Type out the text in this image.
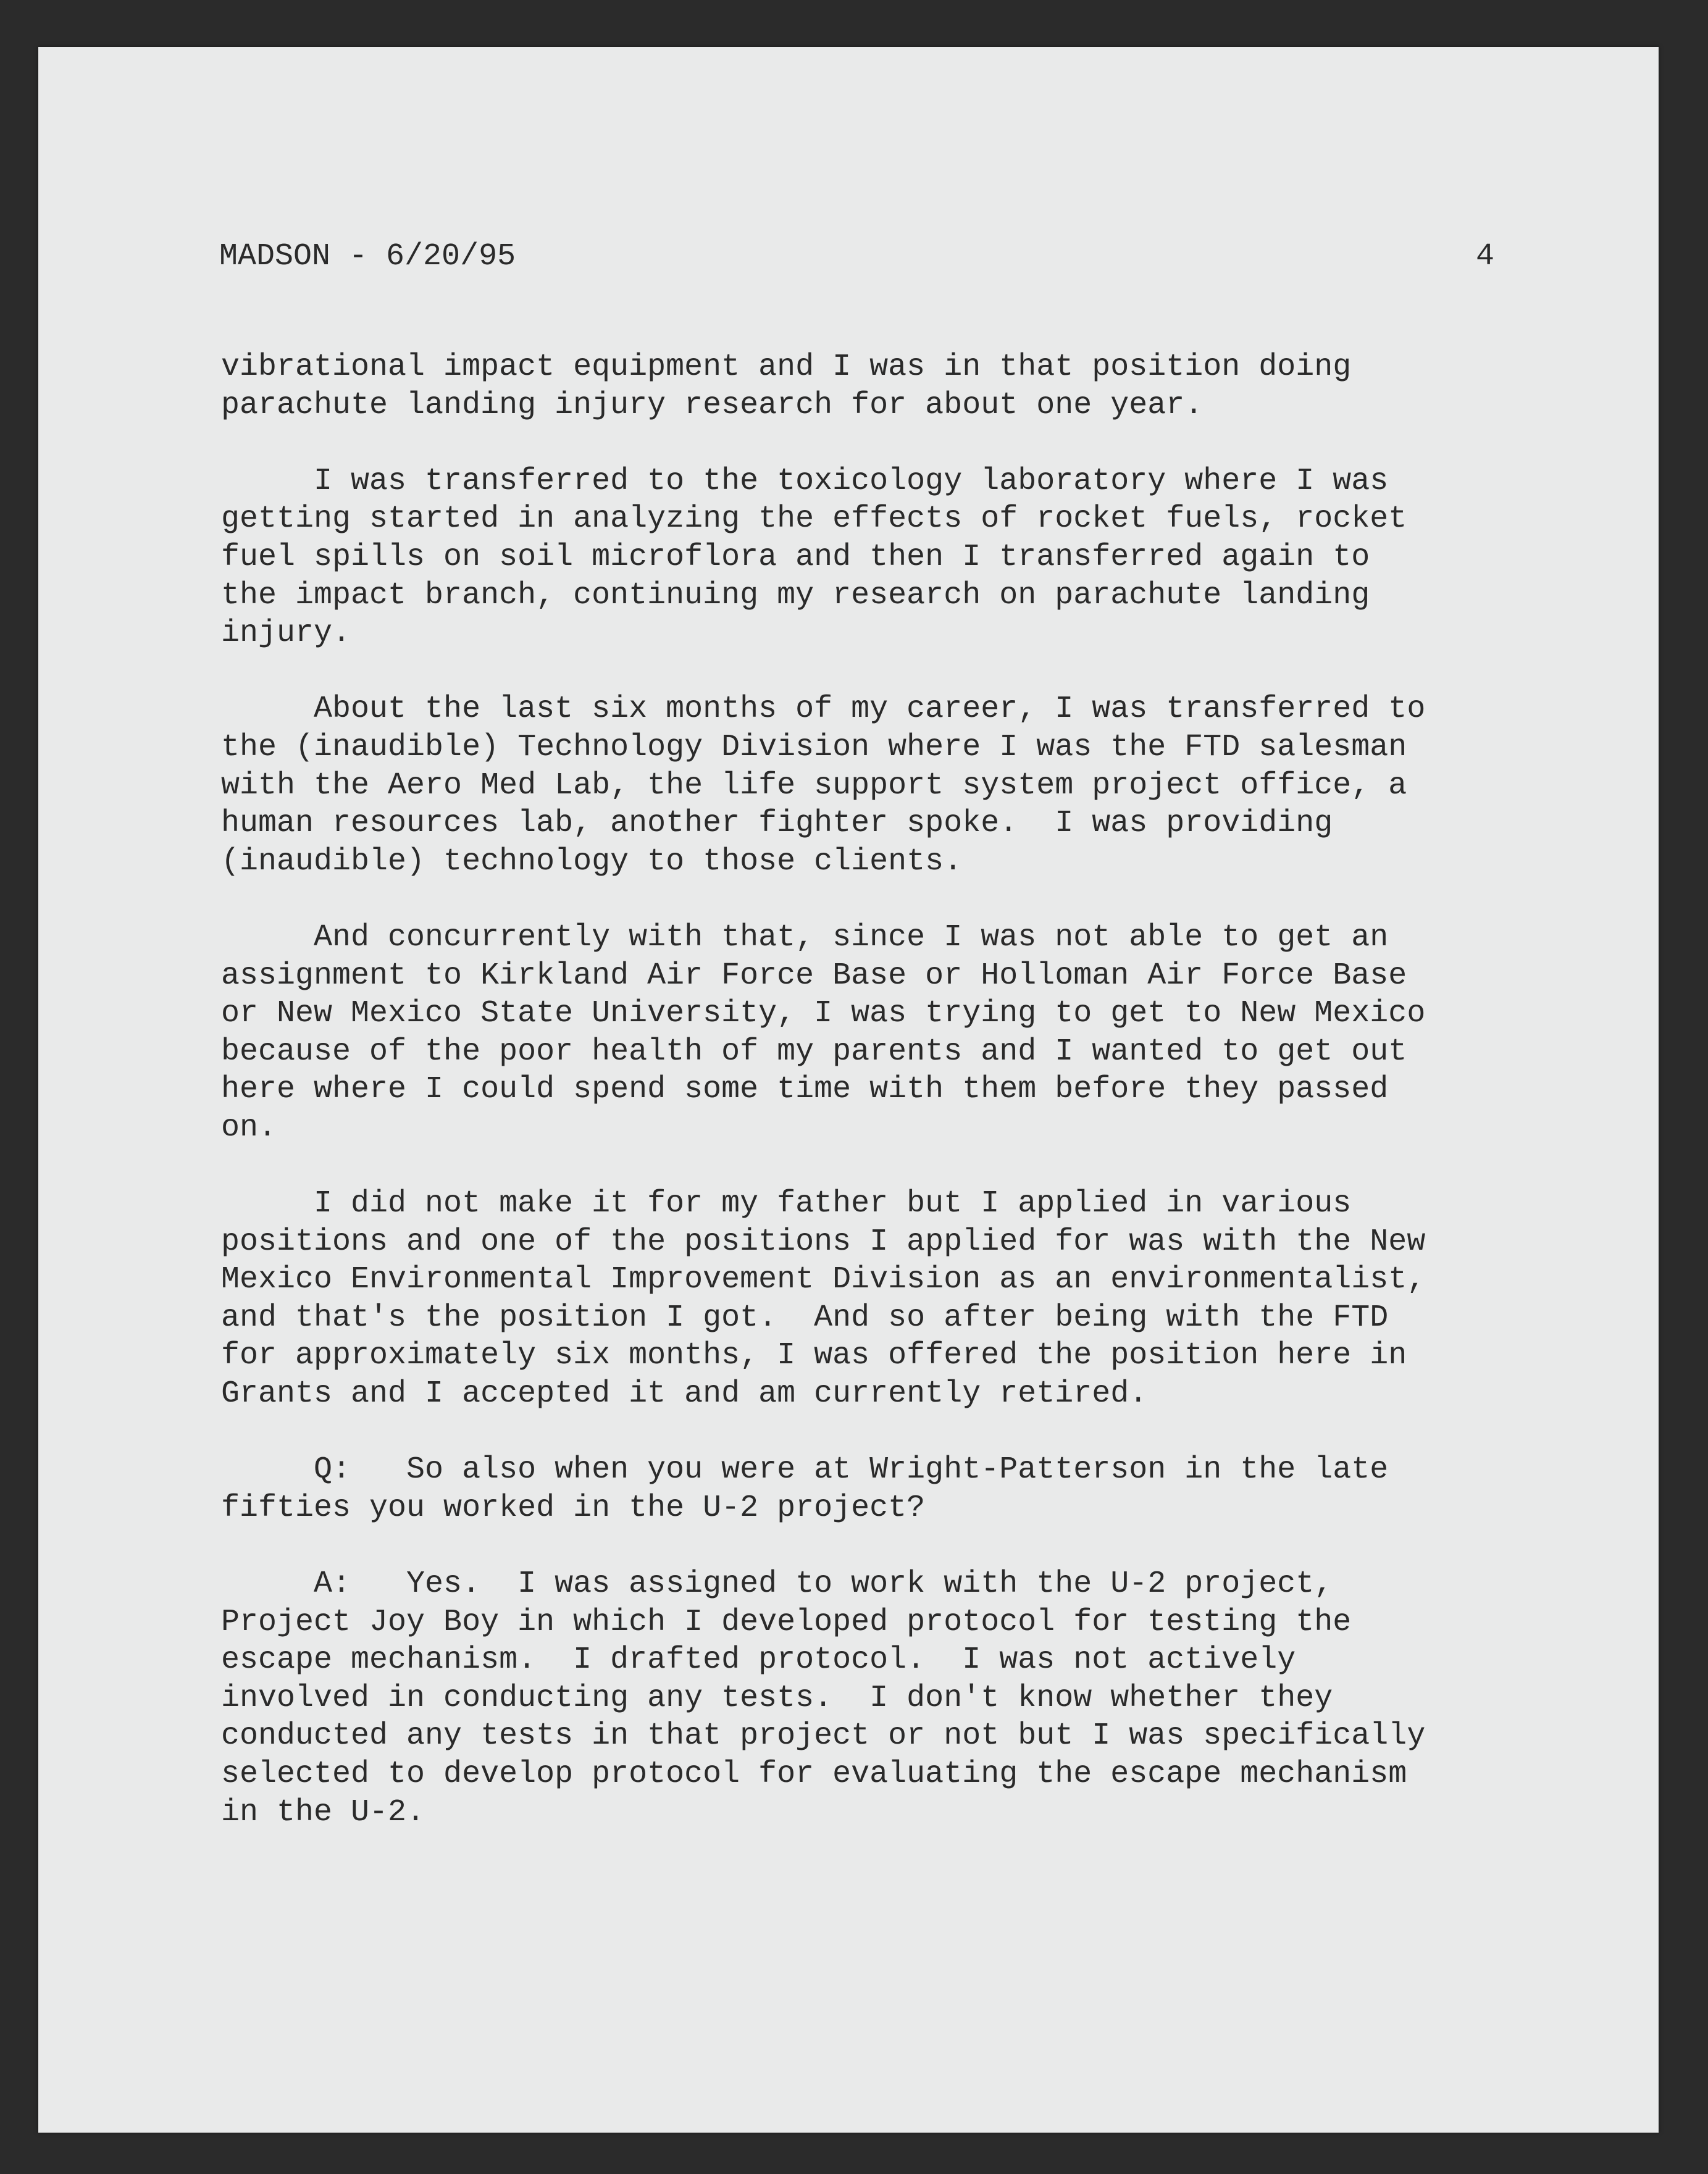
MADSON - 6/20/95	4

vibrational impact equipment and I was in that position doing
parachute landing injury research for about one year.

I was transferred to the toxicology laboratory where I was
getting started in analyzing the effects of rocket fuels, rocket
fuel spills on soil microflora and then I transferred again to
the impact branch, continuing my research on parachute landing
injury.

About the last six months of my career, I was transferred to
the (inaudible) Technology Division where I was the FTD salesman
with the Aero Med Lab, the life support system project office, a
human resources lab, another fighter spoke.  I was providing
(inaudible) technology to those clients.

And concurrently with that, since I was not able to get an
assignment to Kirkland Air Force Base or Holloman Air Force Base
or New Mexico State University, I was trying to get to New Mexico
because of the poor health of my parents and I wanted to get out
here where I could spend some time with them before they passed
on.

I did not make it for my father but I applied in various
positions and one of the positions I applied for was with the New
Mexico Environmental Improvement Division as an environmentalist,
and that's the position I got.  And so after being with the FTD
for approximately six months, I was offered the position here in
Grants and I accepted it and am currently retired.

Q:   So also when you were at Wright-Patterson in the late
fifties you worked in the U-2 project?

A:   Yes.  I was assigned to work with the U-2 project,
Project Joy Boy in which I developed protocol for testing the
escape mechanism.  I drafted protocol.  I was not actively
involved in conducting any tests.  I don't know whether they
conducted any tests in that project or not but I was specifically
selected to develop protocol for evaluating the escape mechanism
in the U-2.
